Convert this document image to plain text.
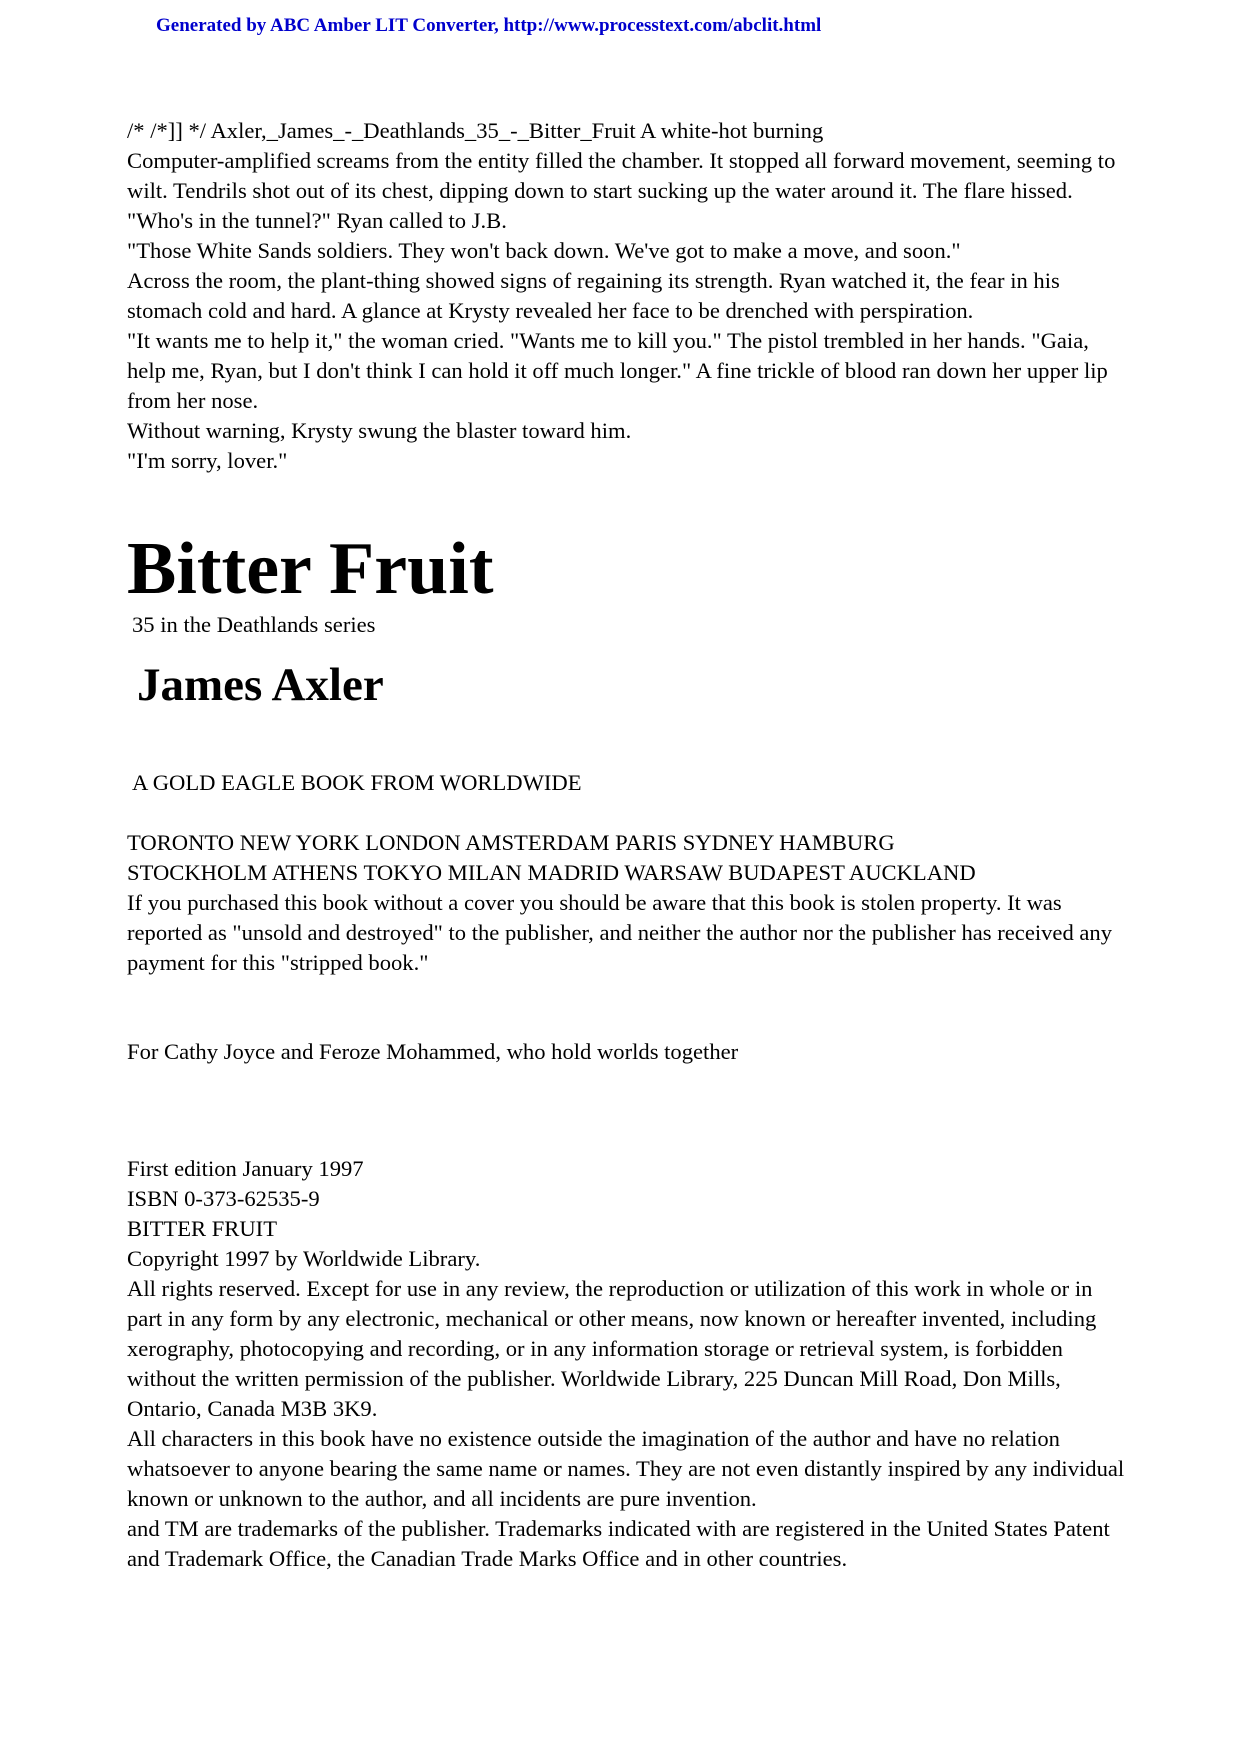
Generated by ABC Amber LIT Converter, http://www.processtext.com/abclit.html

/* /*]] */ Axler,_James_-_Deathlands_35_-_Bitter_Fruit A white-hot burning

Computer-amplified screams from the entity filled the chamber. It stopped all forward movement, seeming to wilt. Tendrils shot out of its chest, dipping down to start sucking up the water around it. The flare hissed.

"Who's in the tunnel?" Ryan called to J.B.

"Those White Sands soldiers. They won't back down. We've got to make a move, and soon."

Across the room, the plant-thing showed signs of regaining its strength. Ryan watched it, the fear in his stomach cold and hard. A glance at Krysty revealed her face to be drenched with perspiration.

"It wants me to help it," the woman cried. "Wants me to kill you." The pistol trembled in her hands. "Gaia, help me, Ryan, but I don't think I can hold it off much longer." A fine trickle of blood ran down her upper lip from her nose.

Without warning, Krysty swung the blaster toward him.

"I'm sorry, lover."

Bitter Fruit

35 in the Deathlands series

James Axler

A GOLD EAGLE BOOK FROM WORLDWIDE

TORONTO NEW YORK LONDON AMSTERDAM PARIS SYDNEY HAMBURG

STOCKHOLM ATHENS TOKYO MILAN MADRID WARSAW BUDAPEST AUCKLAND

If you purchased this book without a cover you should be aware that this book is stolen property. It was reported as "unsold and destroyed" to the publisher, and neither the author nor the publisher has received any payment for this "stripped book."

For Cathy Joyce and Feroze Mohammed, who hold worlds together

First edition January 1997

ISBN 0-373-62535-9

BITTER FRUIT

Copyright 1997 by Worldwide Library.

All rights reserved. Except for use in any review, the reproduction or utilization of this work in whole or in part in any form by any electronic, mechanical or other means, now known or hereafter invented, including xerography, photocopying and recording, or in any information storage or retrieval system, is forbidden without the written permission of the publisher. Worldwide Library, 225 Duncan Mill Road, Don Mills, Ontario, Canada M3B 3K9.

All characters in this book have no existence outside the imagination of the author and have no relation whatsoever to anyone bearing the same name or names. They are not even distantly inspired by any individual known or unknown to the author, and all incidents are pure invention.

and TM are trademarks of the publisher. Trademarks indicated with are registered in the United States Patent and Trademark Office, the Canadian Trade Marks Office and in other countries.
